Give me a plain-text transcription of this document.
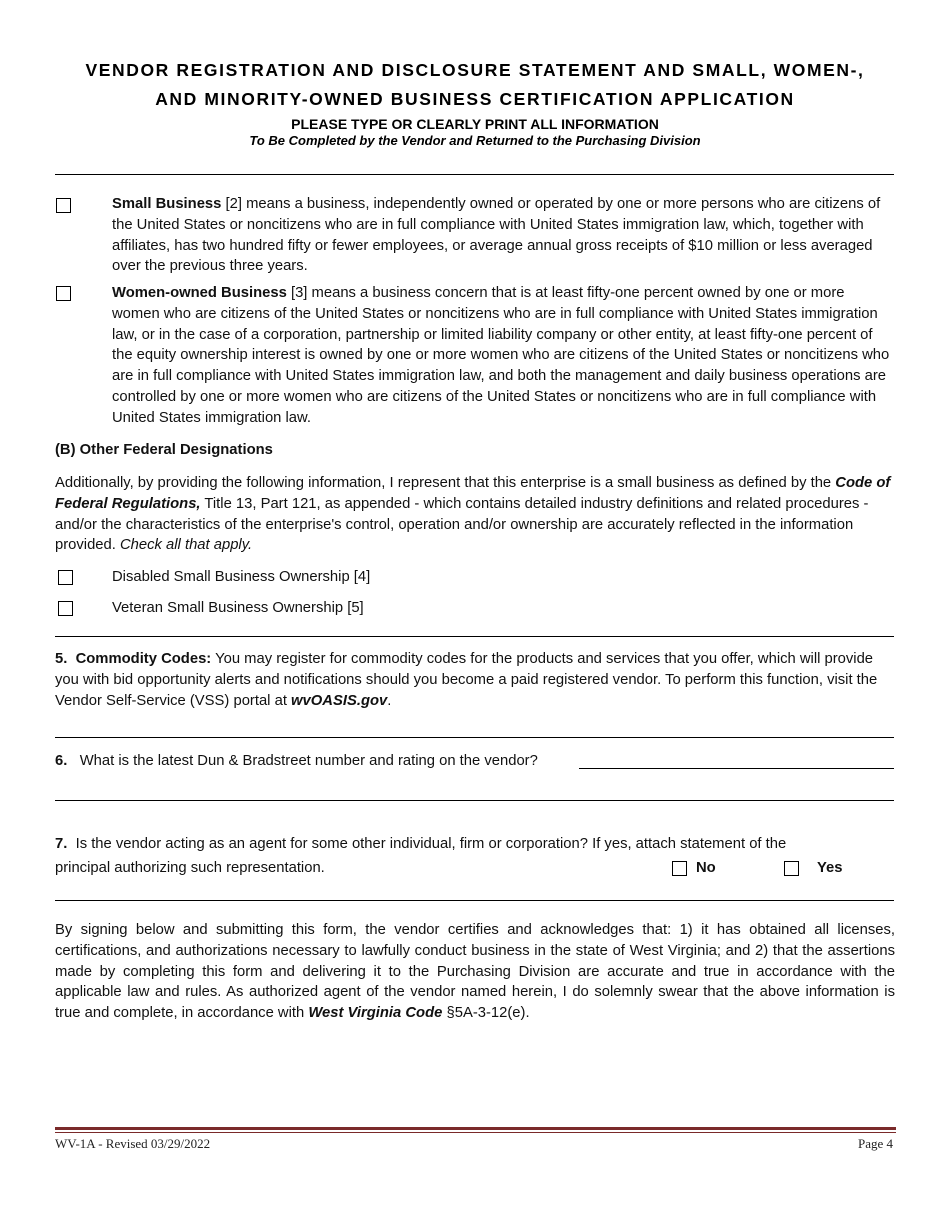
VENDOR REGISTRATION AND DISCLOSURE STATEMENT AND SMALL, WOMEN-,
AND MINORITY-OWNED BUSINESS CERTIFICATION APPLICATION
PLEASE TYPE OR CLEARLY PRINT ALL INFORMATION
To Be Completed by the Vendor and Returned to the Purchasing Division
Small Business [2] means a business, independently owned or operated by one or more persons who are citizens of the United States or noncitizens who are in full compliance with United States immigration law, which, together with affiliates, has two hundred fifty or fewer employees, or average annual gross receipts of $10 million or less averaged over the previous three years.
Women-owned Business [3] means a business concern that is at least fifty-one percent owned by one or more women who are citizens of the United States or noncitizens who are in full compliance with United States immigration law, or in the case of a corporation, partnership or limited liability company or other entity, at least fifty-one percent of the equity ownership interest is owned by one or more women who are citizens of the United States or noncitizens who are in full compliance with United States immigration law, and both the management and daily business operations are controlled by one or more women who are citizens of the United States or noncitizens who are in full compliance with United States immigration law.
(B) Other Federal Designations
Additionally, by providing the following information, I represent that this enterprise is a small business as defined by the Code of Federal Regulations, Title 13, Part 121, as appended - which contains detailed industry definitions and related procedures - and/or the characteristics of the enterprise's control, operation and/or ownership are accurately reflected in the information provided. Check all that apply.
Disabled Small Business Ownership [4]
Veteran Small Business Ownership [5]
5. Commodity Codes: You may register for commodity codes for the products and services that you offer, which will provide you with bid opportunity alerts and notifications should you become a paid registered vendor. To perform this function, visit the Vendor Self-Service (VSS) portal at wvOASIS.gov.
6. What is the latest Dun & Bradstreet number and rating on the vendor?
7. Is the vendor acting as an agent for some other individual, firm or corporation? If yes, attach statement of the
principal authorizing such representation.	No	Yes
By signing below and submitting this form, the vendor certifies and acknowledges that: 1) it has obtained all licenses, certifications, and authorizations necessary to lawfully conduct business in the state of West Virginia; and 2) that the assertions made by completing this form and delivering it to the Purchasing Division are accurate and true in accordance with the applicable law and rules. As authorized agent of the vendor named herein, I do solemnly swear that the above information is true and complete, in accordance with West Virginia Code §5A-3-12(e).
WV-1A - Revised 03/29/2022	Page 4
